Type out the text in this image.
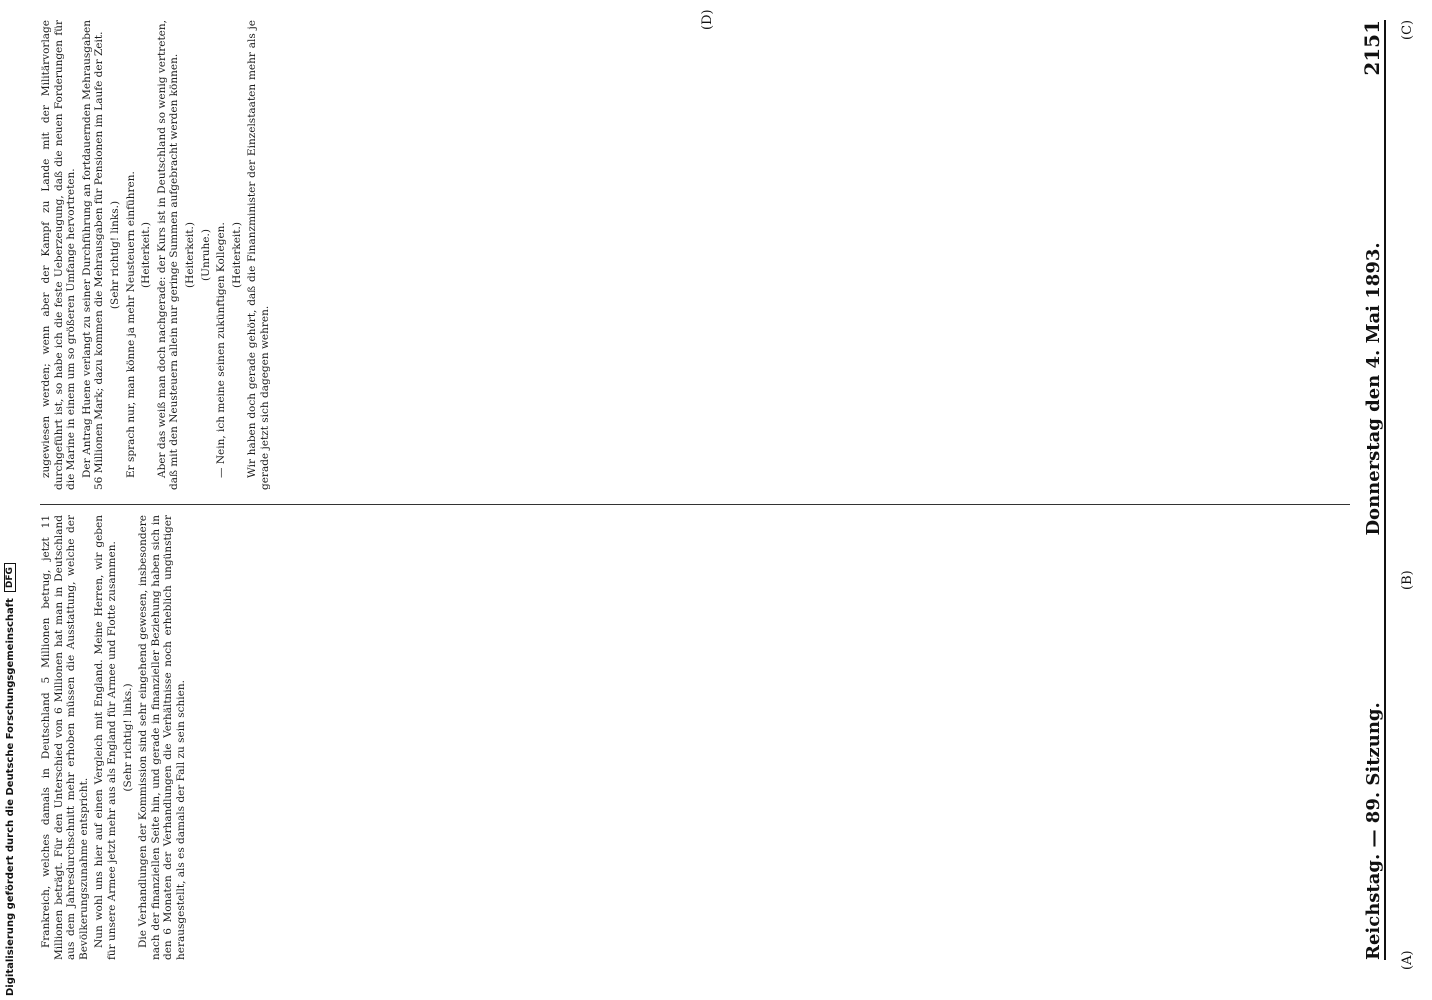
Reichstag. — 89. Sitzung.
Donnerstag den 4. Mai 1893.
2151

Frankreich, welches damals in Deutschland 5 Millionen betrug, jetzt 11 Millionen beträgt. Für den Unterschied von 6 Millionen hat man in Deutschland aus dem Jahresdurchschnitt mehr erhoben müssen die Ausstattung, welche der Bevölkerungszunahme entspricht. Nun wohl uns hier auf einen Vergleich mit England. Meine Herren, wir geben für unsere Armee jetzt mehr aus als England für Armee und Flotte zusammen. (Sehr richtig! links.) Die Verhandlungen der Kommission sind sehr eingehend gewesen, insbesondere nach der finanziellen Seite hin, und gerade in finanzieller Beziehung haben sich in den 6 Monaten der Verhandlungen die Verhältnisse noch erheblich ungünstiger herausgestellt, als es damals der Fall zu sein schien.

zugewiesen werden; wenn aber der Kampf zu Lande mit der Militärvorlage durchgeführt ist, so habe ich die feste Ueberzeugung, daß die neuen Forderungen für die Marine in einem um so größeren Umfange hervortreten. Der Antrag Huene verlangt zu seiner Durchführung an fortdauernden Mehrausgaben 56 Millionen Mark; dazu kommen die Mehrausgaben für Pensionen im Laufe der Zeit. (Sehr richtig! links.) Er sprach nur, man könne ja mehr Neusteuern einführen. (Heiterkeit.) Aber das weiß man doch nachgerade: der Kurs ist in Deutschland so wenig vertreten, daß mit den Neusteuern allein nur geringe Summen aufgebracht werden können. (Heiterkeit.) (Unruhe.) — Nein, ich meine seinen zukünftigen Kollegen. (Heiterkeit.) Wir haben doch gerade gehört, daß die Finanzminister der Einzelstaaten mehr als je gerade jetzt sich dagegen wehren.

(A)
(B)
(C)
(D)
Digitalisierung gefördert durch die Deutsche Forschungsgemeinschaft
DFG
